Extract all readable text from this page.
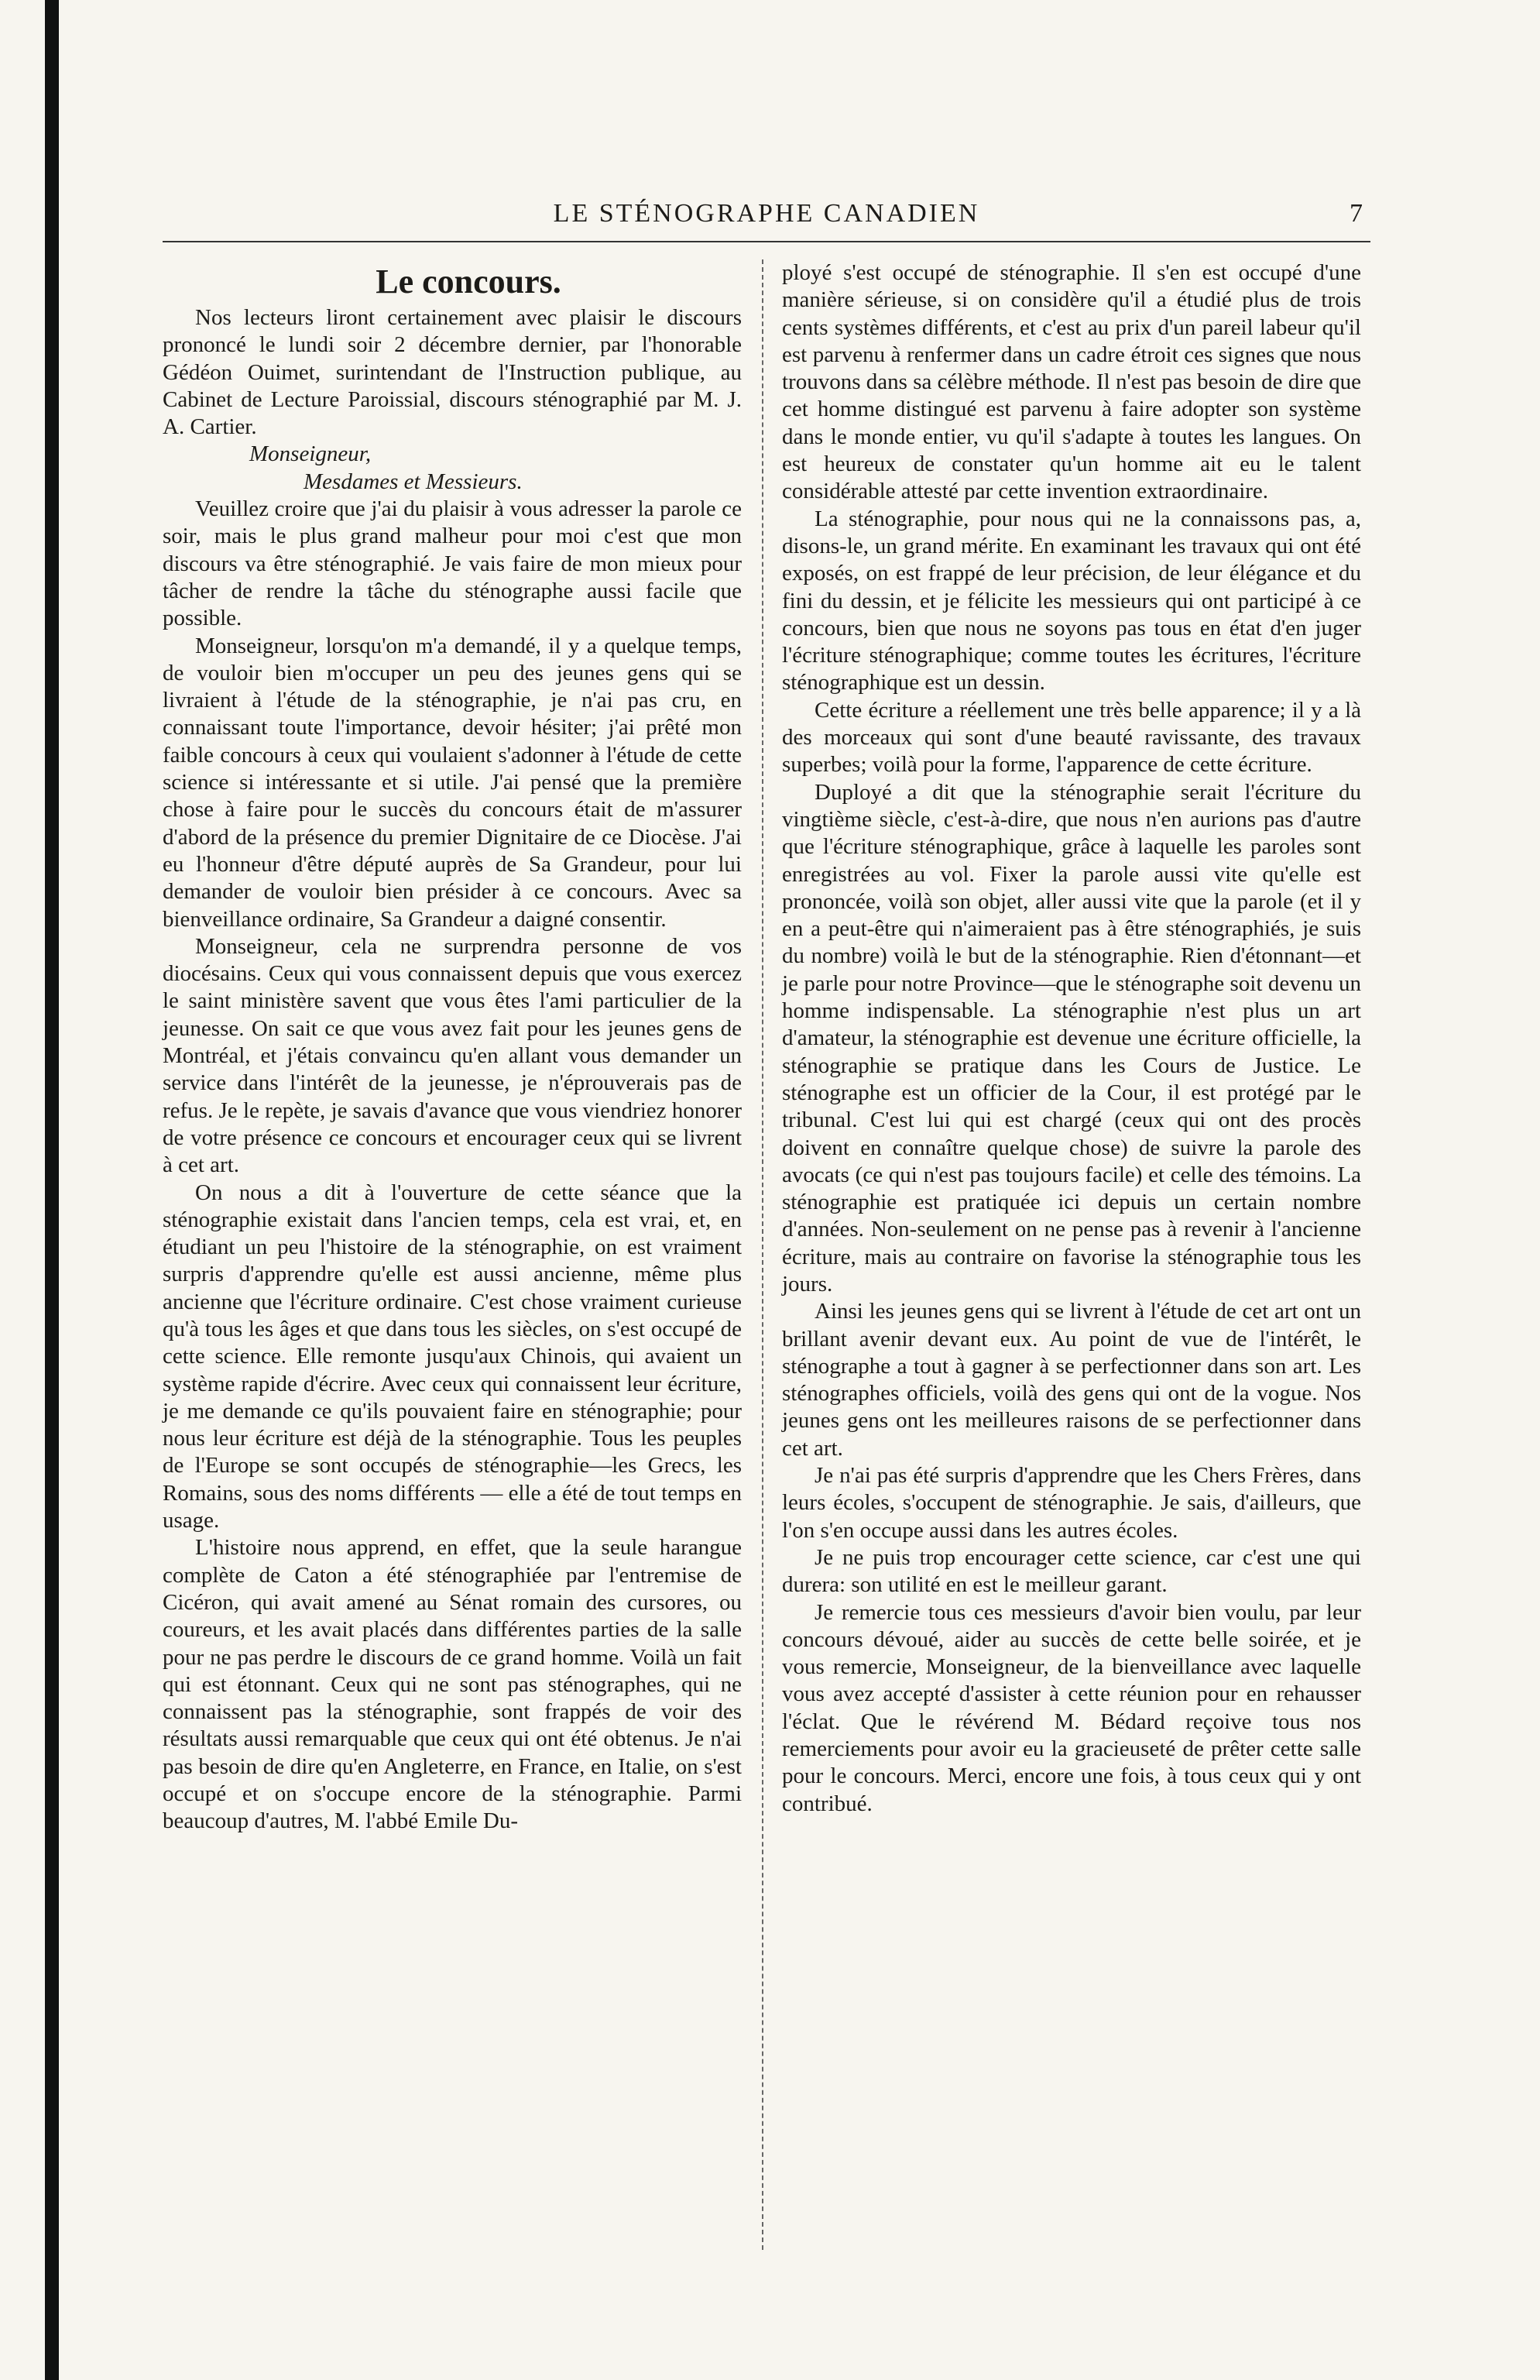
LE STÉNOGRAPHE CANADIEN	7

Le concours.

Nos lecteurs liront certainement avec plaisir le discours prononcé le lundi soir 2 décembre dernier, par l'honorable Gédéon Ouimet, surintendant de l'Instruction publique, au Cabinet de Lecture Paroissial, discours sténographié par M. J. A. Cartier.

Monseigneur,

Mesdames et Messieurs.

Veuillez croire que j'ai du plaisir à vous adresser la parole ce soir, mais le plus grand malheur pour moi c'est que mon discours va être sténographié. Je vais faire de mon mieux pour tâcher de rendre la tâche du sténographe aussi facile que possible.

Monseigneur, lorsqu'on m'a demandé, il y a quelque temps, de vouloir bien m'occuper un peu des jeunes gens qui se livraient à l'étude de la sténographie, je n'ai pas cru, en connaissant toute l'importance, devoir hésiter; j'ai prêté mon faible concours à ceux qui voulaient s'adonner à l'étude de cette science si intéressante et si utile. J'ai pensé que la première chose à faire pour le succès du concours était de m'assurer d'abord de la présence du premier Dignitaire de ce Diocèse. J'ai eu l'honneur d'être député auprès de Sa Grandeur, pour lui demander de vouloir bien présider à ce concours. Avec sa bienveillance ordinaire, Sa Grandeur a daigné consentir.

Monseigneur, cela ne surprendra personne de vos diocésains. Ceux qui vous connaissent depuis que vous exercez le saint ministère savent que vous êtes l'ami particulier de la jeunesse. On sait ce que vous avez fait pour les jeunes gens de Montréal, et j'étais convaincu qu'en allant vous demander un service dans l'intérêt de la jeunesse, je n'éprouverais pas de refus. Je le repète, je savais d'avance que vous viendriez honorer de votre présence ce concours et encourager ceux qui se livrent à cet art.

On nous a dit à l'ouverture de cette séance que la sténographie existait dans l'ancien temps, cela est vrai, et, en étudiant un peu l'histoire de la sténographie, on est vraiment surpris d'apprendre qu'elle est aussi ancienne, même plus ancienne que l'écriture ordinaire. C'est chose vraiment curieuse qu'à tous les âges et que dans tous les siècles, on s'est occupé de cette science. Elle remonte jusqu'aux Chinois, qui avaient un système rapide d'écrire. Avec ceux qui connaissent leur écriture, je me demande ce qu'ils pouvaient faire en sténographie; pour nous leur écriture est déjà de la sténographie. Tous les peuples de l'Europe se sont occupés de sténographie—les Grecs, les Romains, sous des noms différents — elle a été de tout temps en usage.

L'histoire nous apprend, en effet, que la seule harangue complète de Caton a été sténographiée par l'entremise de Cicéron, qui avait amené au Sénat romain des cursores, ou coureurs, et les avait placés dans différentes parties de la salle pour ne pas perdre le discours de ce grand homme. Voilà un fait qui est étonnant. Ceux qui ne sont pas sténographes, qui ne connaissent pas la sténographie, sont frappés de voir des résultats aussi remarquable que ceux qui ont été obtenus. Je n'ai pas besoin de dire qu'en Angleterre, en France, en Italie, on s'est occupé et on s'occupe encore de la sténographie. Parmi beaucoup d'autres, M. l'abbé Emile Du-

ployé s'est occupé de sténographie. Il s'en est occupé d'une manière sérieuse, si on considère qu'il a étudié plus de trois cents systèmes différents, et c'est au prix d'un pareil labeur qu'il est parvenu à renfermer dans un cadre étroit ces signes que nous trouvons dans sa célèbre méthode. Il n'est pas besoin de dire que cet homme distingué est parvenu à faire adopter son système dans le monde entier, vu qu'il s'adapte à toutes les langues. On est heureux de constater qu'un homme ait eu le talent considérable attesté par cette invention extraordinaire.

La sténographie, pour nous qui ne la connaissons pas, a, disons-le, un grand mérite. En examinant les travaux qui ont été exposés, on est frappé de leur précision, de leur élégance et du fini du dessin, et je félicite les messieurs qui ont participé à ce concours, bien que nous ne soyons pas tous en état d'en juger l'écriture sténographique; comme toutes les écritures, l'écriture sténographique est un dessin.

Cette écriture a réellement une très belle apparence; il y a là des morceaux qui sont d'une beauté ravissante, des travaux superbes; voilà pour la forme, l'apparence de cette écriture.

Duployé a dit que la sténographie serait l'écriture du vingtième siècle, c'est-à-dire, que nous n'en aurions pas d'autre que l'écriture sténographique, grâce à laquelle les paroles sont enregistrées au vol. Fixer la parole aussi vite qu'elle est prononcée, voilà son objet, aller aussi vite que la parole (et il y en a peut-être qui n'aimeraient pas à être sténographiés, je suis du nombre) voilà le but de la sténographie. Rien d'étonnant—et je parle pour notre Province—que le sténographe soit devenu un homme indispensable. La sténographie n'est plus un art d'amateur, la sténographie est devenue une écriture officielle, la sténographie se pratique dans les Cours de Justice. Le sténographe est un officier de la Cour, il est protégé par le tribunal. C'est lui qui est chargé (ceux qui ont des procès doivent en connaître quelque chose) de suivre la parole des avocats (ce qui n'est pas toujours facile) et celle des témoins. La sténographie est pratiquée ici depuis un certain nombre d'années. Non-seulement on ne pense pas à revenir à l'ancienne écriture, mais au contraire on favorise la sténographie tous les jours.

Ainsi les jeunes gens qui se livrent à l'étude de cet art ont un brillant avenir devant eux. Au point de vue de l'intérêt, le sténographe a tout à gagner à se perfectionner dans son art. Les sténographes officiels, voilà des gens qui ont de la vogue. Nos jeunes gens ont les meilleures raisons de se perfectionner dans cet art.

Je n'ai pas été surpris d'apprendre que les Chers Frères, dans leurs écoles, s'occupent de sténographie. Je sais, d'ailleurs, que l'on s'en occupe aussi dans les autres écoles.

Je ne puis trop encourager cette science, car c'est une qui durera: son utilité en est le meilleur garant.

Je remercie tous ces messieurs d'avoir bien voulu, par leur concours dévoué, aider au succès de cette belle soirée, et je vous remercie, Monseigneur, de la bienveillance avec laquelle vous avez accepté d'assister à cette réunion pour en rehausser l'éclat. Que le révérend M. Bédard reçoive tous nos remerciements pour avoir eu la gracieuseté de prêter cette salle pour le concours. Merci, encore une fois, à tous ceux qui y ont contribué.
